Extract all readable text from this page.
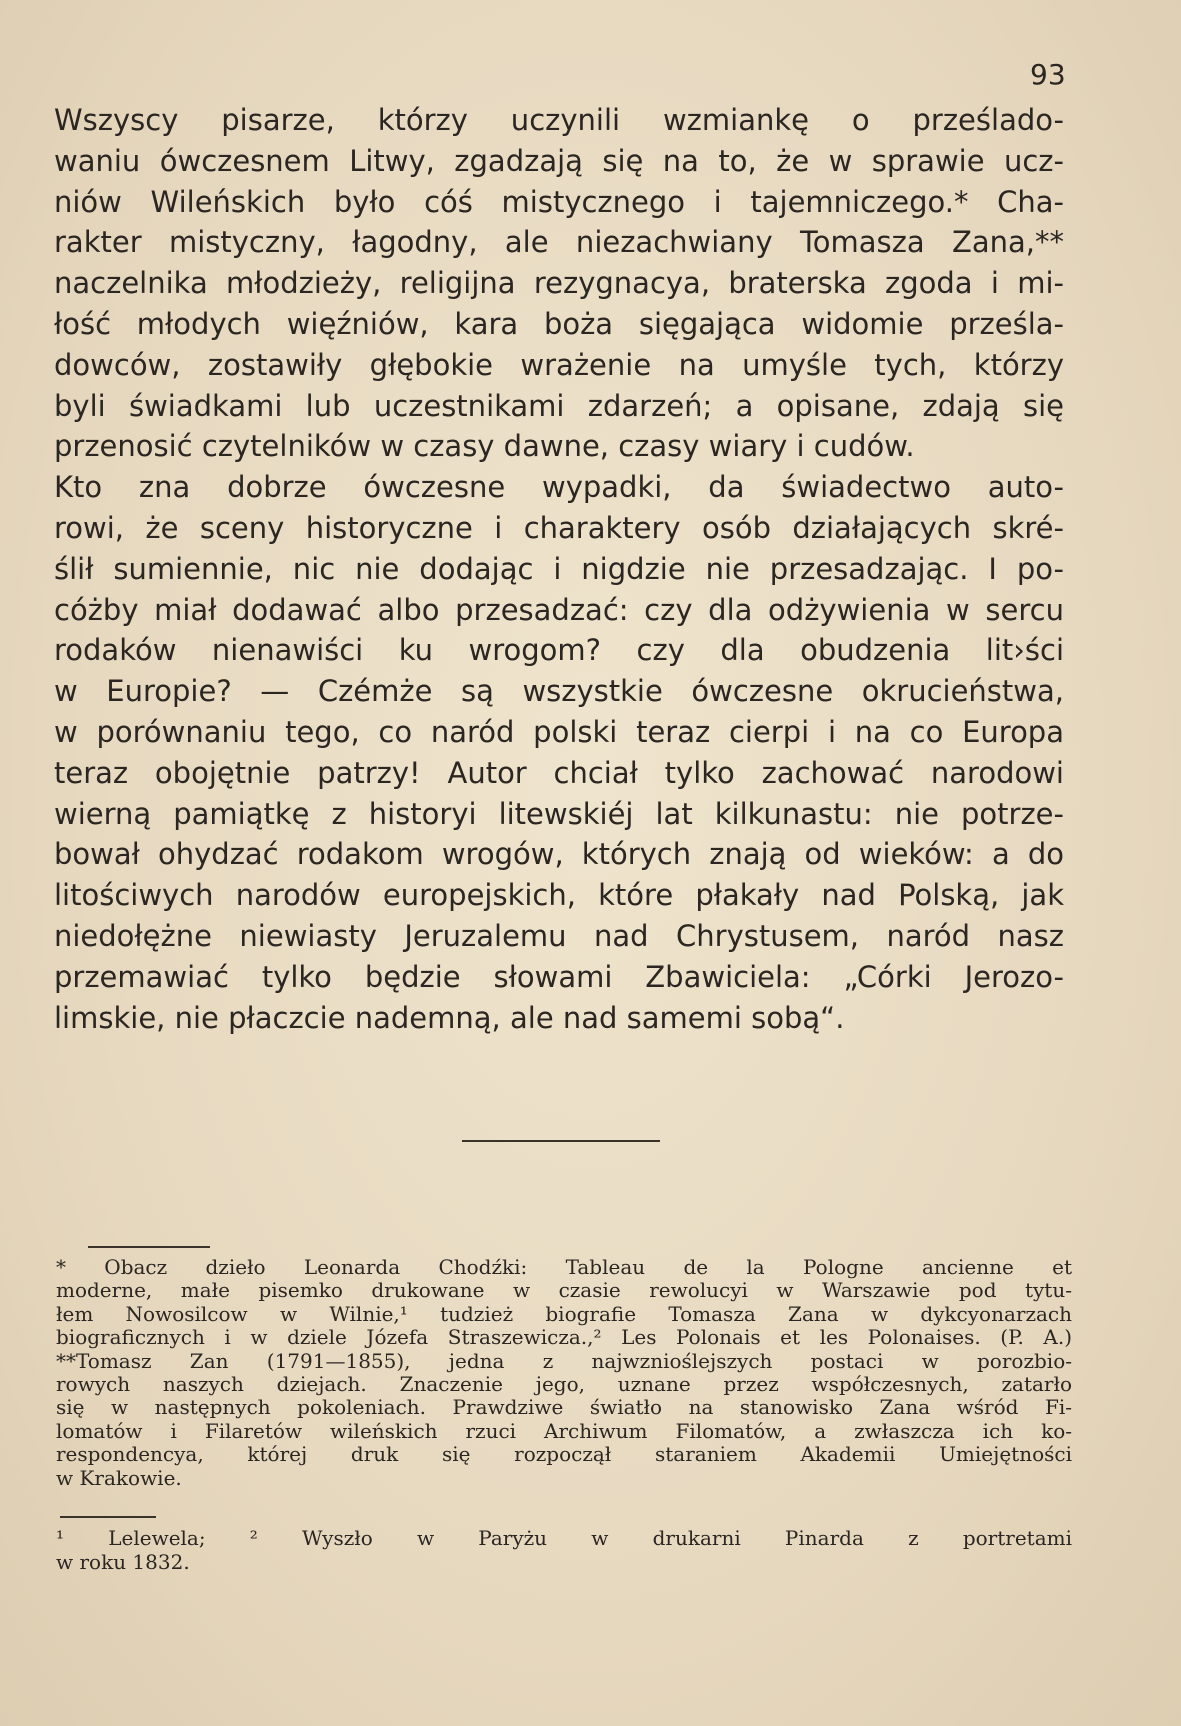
93
Wszyscy pisarze, którzy uczynili wzmiankę o prześlado-
waniu ówczesnem Litwy, zgadzają się na to, że w sprawie ucz-
niów Wileńskich było cóś mistycznego i tajemniczego.* Cha-
rakter mistyczny, łagodny, ale niezachwiany Tomasza Zana,**
naczelnika młodzieży, religijna rezygnacya, braterska zgoda i mi-
łość młodych więźniów, kara boża sięgająca widomie prześla-
dowców, zostawiły głębokie wrażenie na umyśle tych, którzy
byli świadkami lub uczestnikami zdarzeń; a opisane, zdają się
przenosić czytelników w czasy dawne, czasy wiary i cudów.
Kto zna dobrze ówczesne wypadki, da świadectwo auto-
rowi, że sceny historyczne i charaktery osób działających skré-
ślił sumiennie, nic nie dodając i nigdzie nie przesadzając. I po-
cóżby miał dodawać albo przesadzać: czy dla odżywienia w sercu
rodaków nienawiści ku wrogom? czy dla obudzenia lit›ści
w Europie? — Czémże są wszystkie ówczesne okrucieństwa,
w porównaniu tego, co naród polski teraz cierpi i na co Europa
teraz obojętnie patrzy! Autor chciał tylko zachować narodowi
wierną pamiątkę z historyi litewskiéj lat kilkunastu: nie potrze-
bował ohydzać rodakom wrogów, których znają od wieków: a do
litościwych narodów europejskich, które płakały nad Polską, jak
niedołężne niewiasty Jeruzalemu nad Chrystusem, naród nasz
przemawiać tylko będzie słowami Zbawiciela: „Córki Jerozo-
limskie, nie płaczcie nademną, ale nad samemi sobą“.
* Obacz dzieło Leonarda Chodźki: Tableau de la Pologne ancienne et
moderne, małe pisemko drukowane w czasie rewolucyi w Warszawie pod tytu-
łem Nowosilcow w Wilnie,¹ tudzież biografie Tomasza Zana w dykcyonarzach
biograficznych i w dziele Józefa Straszewicza.,² Les Polonais et les Polonaises. (P. A.)
**Tomasz Zan (1791—1855), jedna z najwznioślejszych postaci w porozbio-
rowych naszych dziejach. Znaczenie jego, uznane przez współczesnych, zatarło
się w następnych pokoleniach. Prawdziwe światło na stanowisko Zana wśród Fi-
lomatów i Filaretów wileńskich rzuci Archiwum Filomatów, a zwłaszcza ich ko-
respondencya, której druk się rozpoczął staraniem Akademii Umiejętności
w Krakowie.
¹ Lelewela; ² Wyszło w Paryżu w drukarni Pinarda z portretami
w roku 1832.
